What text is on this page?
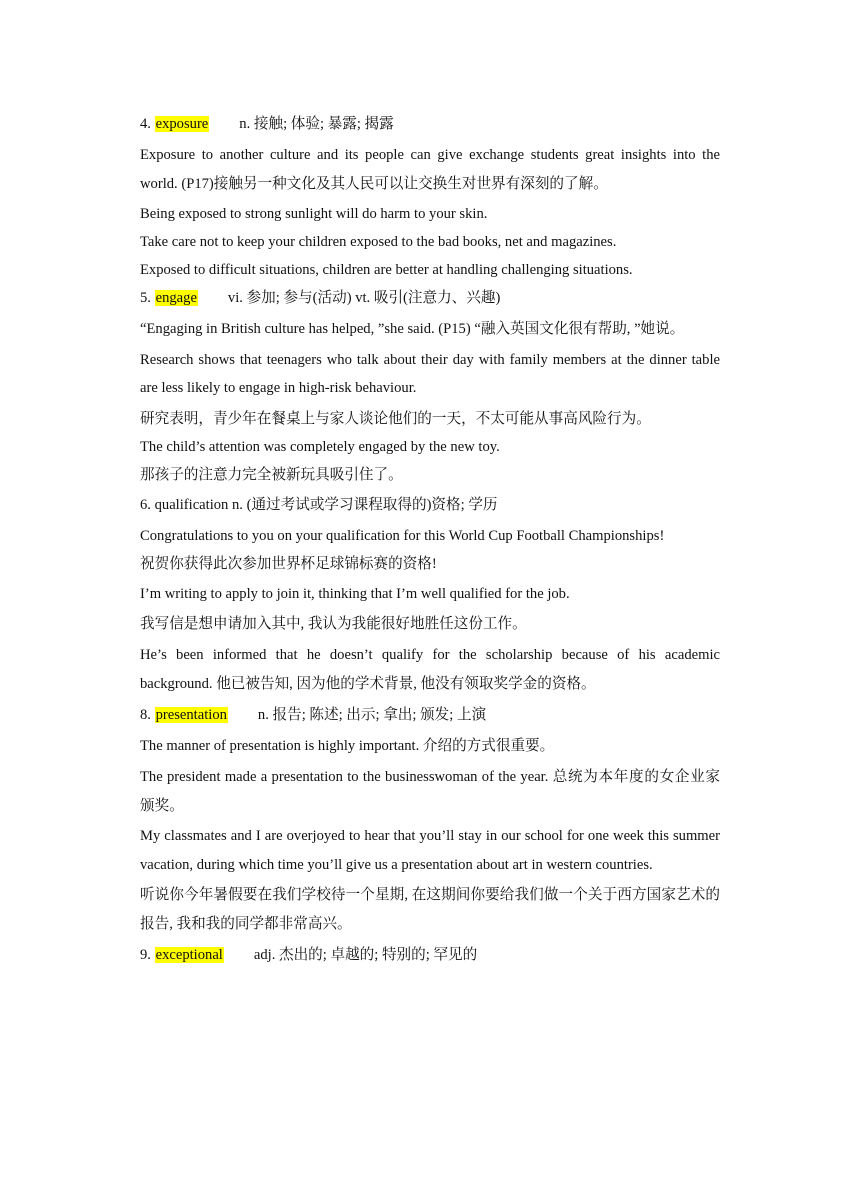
4. exposure n. 接触; 体验; 暴露; 揭露
Exposure to another culture and its people can give exchange students great insights into the world. (P17)接触另一种文化及其人民可以让交换生对世界有深刻的了解。
Being exposed to strong sunlight will do harm to your skin.
Take care not to keep your children exposed to the bad books, net and magazines.
Exposed to difficult situations, children are better at handling challenging situations.
5. engage vi. 参加; 参与(活动) vt. 吸引(注意力、兴趣)
“Engaging in British culture has helped, ”she said. (P15) “融入英国文化很有帮助, ”她说。
Research shows that teenagers who talk about their day with family members at the dinner table are less likely to engage in high-risk behaviour.
研究表明，青少年在餐桌上与家人谈论他们的一天，不太可能从事高风险行为。
The child’s attention was completely engaged by the new toy.
那孩子的注意力完全被新玩具吸引住了。
6. qualification n. (通过考试或学习课程取得的)资格; 学历
Congratulations to you on your qualification for this World Cup Football Championships!
祝贺你获得此次参加世界杯足球锦标赛的资格!
I’m writing to apply to join it, thinking that I’m well qualified for the job.
我写信是想申请加入其中, 我认为我能很好地胜任这份工作。
He’s been informed that he doesn’t qualify for the scholarship because of his academic background. 他已被告知, 因为他的学术背景, 他没有领取奖学金的资格。
8. presentation n. 报告; 陈述; 出示; 拿出; 颁发; 上演
The manner of presentation is highly important. 介绍的方式很重要。
The president made a presentation to the businesswoman of the year. 总统为本年度的女企业家颁奖。
My classmates and I are overjoyed to hear that you’ll stay in our school for one week this summer vacation, during which time you’ll give us a presentation about art in western countries.
听说你今年暑假要在我们学校待一个星期, 在这期间你要给我们做一个关于西方国家艺术的报告, 我和我的同学都非常高兴。
9. exceptional adj. 杰出的; 卓越的; 特别的; 罕见的
